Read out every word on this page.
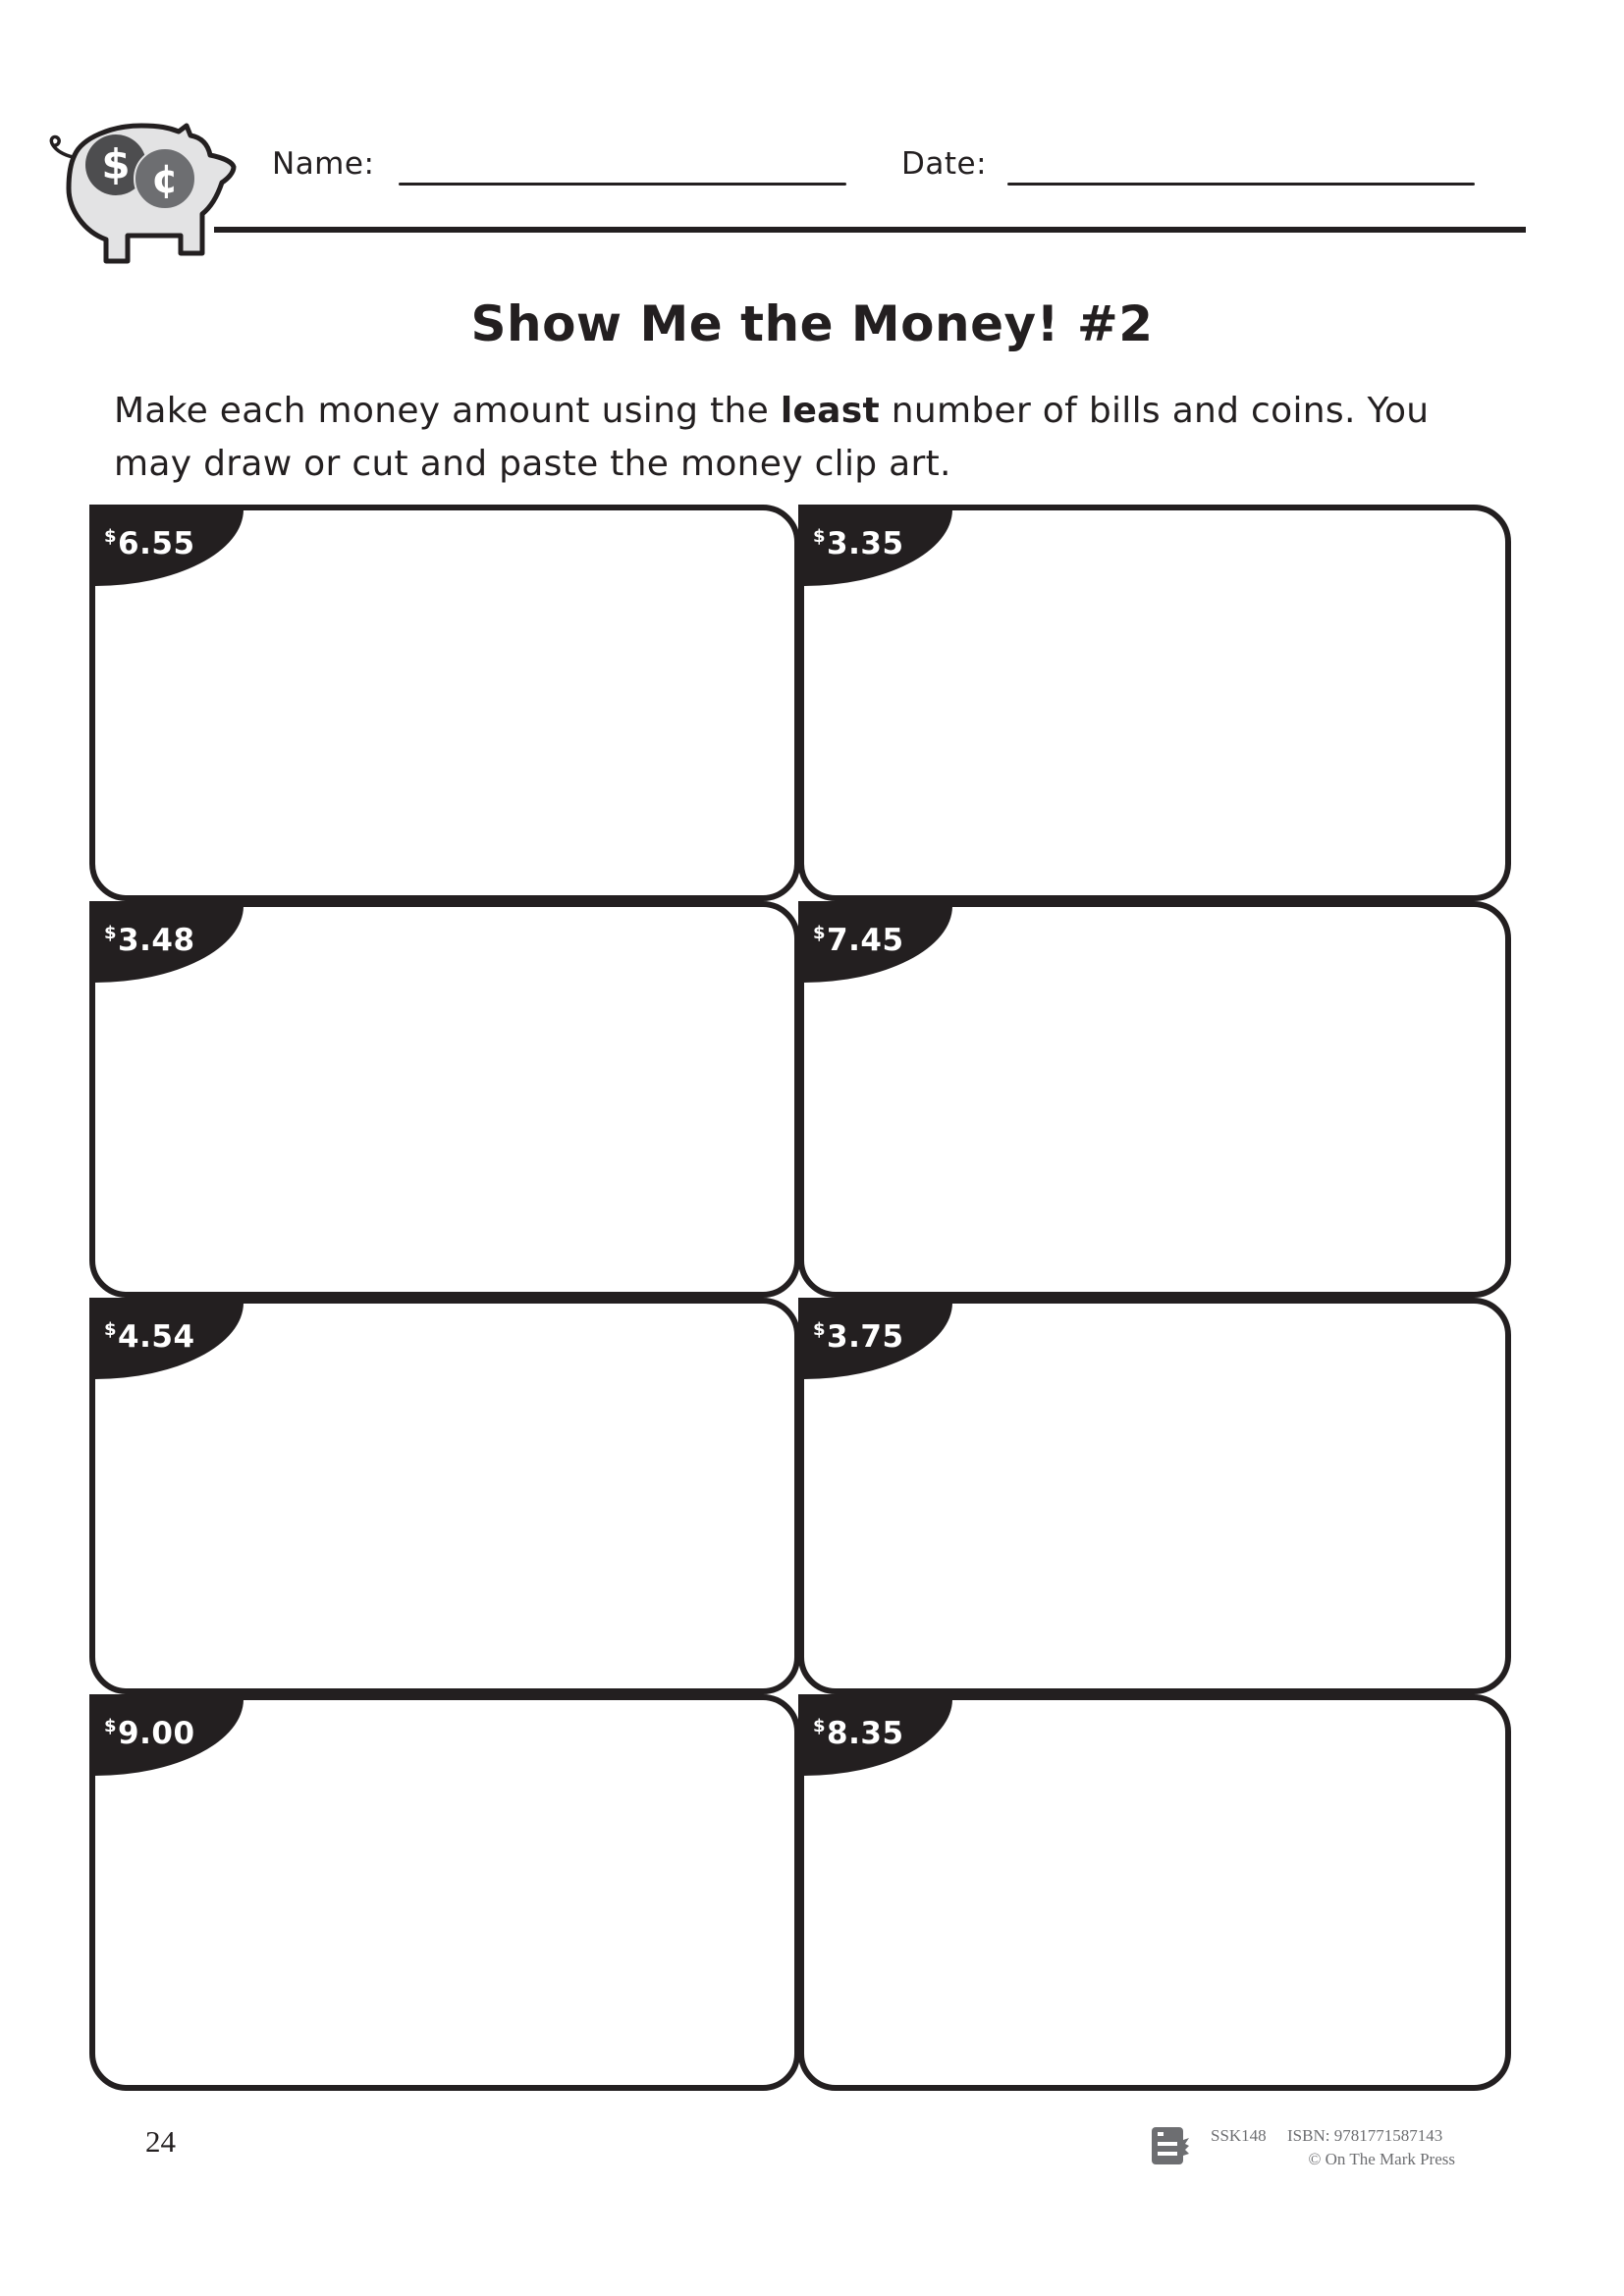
$ ¢	Name:	Date:
Show Me the Money! #2
Make each money amount using the least number of bills and coins. You may draw or cut and paste the money clip art.
$6.55	$3.35
$3.48	$7.45
$4.54	$3.75
$9.00	$8.35
24	SSK148 ISBN: 9781771587143
© On The Mark Press
